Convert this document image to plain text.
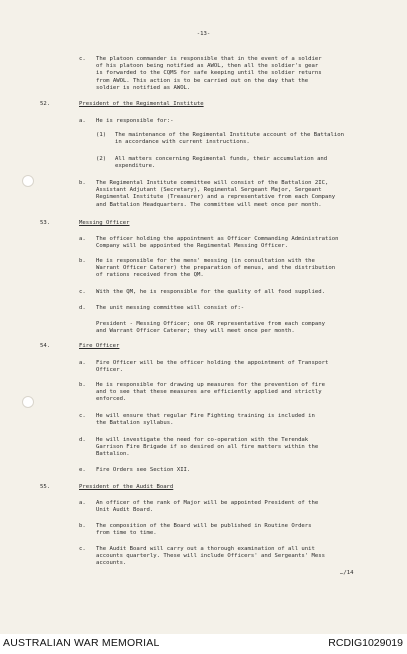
-13-
c. The platoon commander is responsible that in the event of a soldier
of his platoon being notified as AWOL, then all the soldier's gear
is forwarded to the CQMS for safe keeping until the soldier returns
from AWOL. This action is to be carried out on the day that the
soldier is notified as AWOL.
52.	President of the Regimental Institute
a. He is responsible for:-
(1) The maintenance of the Regimental Institute account of the Battalion
in accordance with current instructions.
(2) All matters concerning Regimental funds, their accumulation and
expenditure.
b. The Regimental Institute committee will consist of the Battalion 2IC,
Assistant Adjutant (Secretary), Regimental Sergeant Major, Sergeant
Regimental Institute (Treasurer) and a representative from each Company
and Battalion Headquarters. The committee will meet once per month.
53.	Messing Officer
a. The officer holding the appointment as Officer Commanding Administration
Company will be appointed the Regimental Messing Officer.
b. He is responsible for the mens' messing (in consultation with the
Warrant Officer Caterer) the preparation of menus, and the distribution
of rations received from the QM.
c. With the QM, he is responsible for the quality of all food supplied.
d. The unit messing committee will consist of:-
President - Messing Officer; one OR representative from each company
and Warrant Officer Caterer; they will meet once per month.
54.	Fire Officer
a. Fire Officer will be the officer holding the appointment of Transport
Officer.
b. He is responsible for drawing up measures for the prevention of fire
and to see that these measures are efficiently applied and strictly
enforced.
c. He will ensure that regular Fire Fighting training is included in
the Battalion syllabus.
d. He will investigate the need for co-operation with the Terendak
Garrison Fire Brigade if so desired on all fire matters within the
Battalion.
e. Fire Orders see Section XII.
55.	President of the Audit Board
a. An officer of the rank of Major will be appointed President of the
Unit Audit Board.
b. The composition of the Board will be published in Routine Orders
from time to time.
c. The Audit Board will carry out a thorough examination of all unit
accounts quarterly. These will include Officers' and Sergeants' Mess
accounts.
…/14
AUSTRALIAN WAR MEMORIAL	RCDIG1029019
